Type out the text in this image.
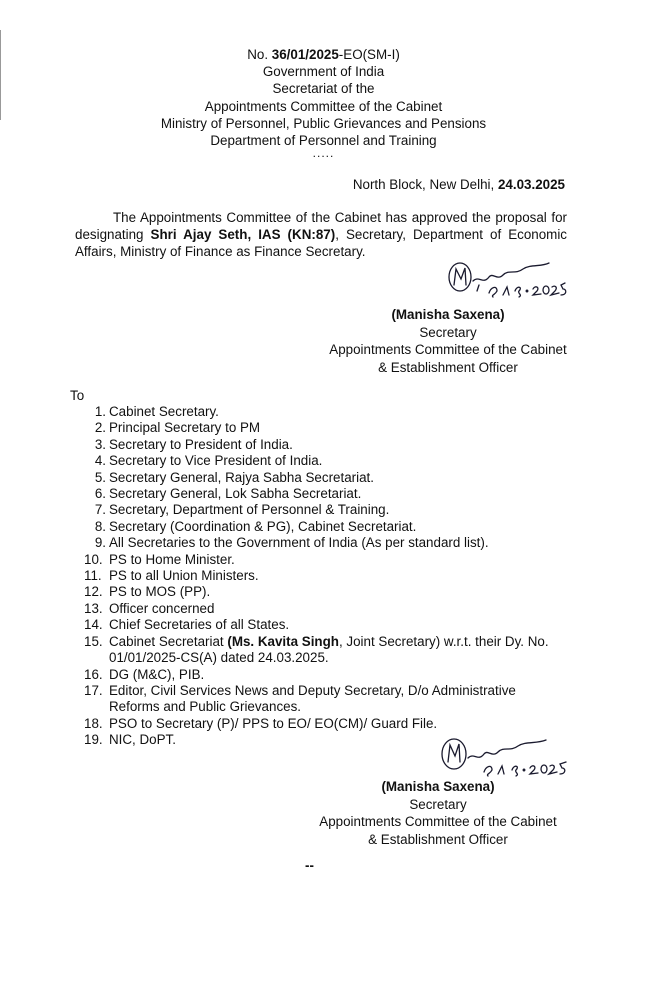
No. 36/01/2025-EO(SM-I)
Government of India
Secretariat of the
Appointments Committee of the Cabinet
Ministry of Personnel, Public Grievances and Pensions
Department of Personnel and Training
.....
North Block, New Delhi, 24.03.2025
The Appointments Committee of the Cabinet has approved the proposal for designating Shri Ajay Seth, IAS (KN:87), Secretary, Department of Economic Affairs, Ministry of Finance as Finance Secretary.
(Manisha Saxena)
Secretary
Appointments Committee of the Cabinet
& Establishment Officer
To
1. Cabinet Secretary.
2. Principal Secretary to PM
3. Secretary to President of India.
4. Secretary to Vice President of India.
5. Secretary General, Rajya Sabha Secretariat.
6. Secretary General, Lok Sabha Secretariat.
7. Secretary, Department of Personnel & Training.
8. Secretary (Coordination & PG), Cabinet Secretariat.
9. All Secretaries to the Government of India (As per standard list).
10. PS to Home Minister.
11. PS to all Union Ministers.
12. PS to MOS (PP).
13. Officer concerned
14. Chief Secretaries of all States.
15. Cabinet Secretariat (Ms. Kavita Singh, Joint Secretary) w.r.t. their Dy. No. 01/01/2025-CS(A) dated 24.03.2025.
16. DG (M&C), PIB.
17. Editor, Civil Services News and Deputy Secretary, D/o Administrative Reforms and Public Grievances.
18. PSO to Secretary (P)/ PPS to EO/ EO(CM)/ Guard File.
19. NIC, DoPT.
(Manisha Saxena)
Secretary
Appointments Committee of the Cabinet
& Establishment Officer
--
